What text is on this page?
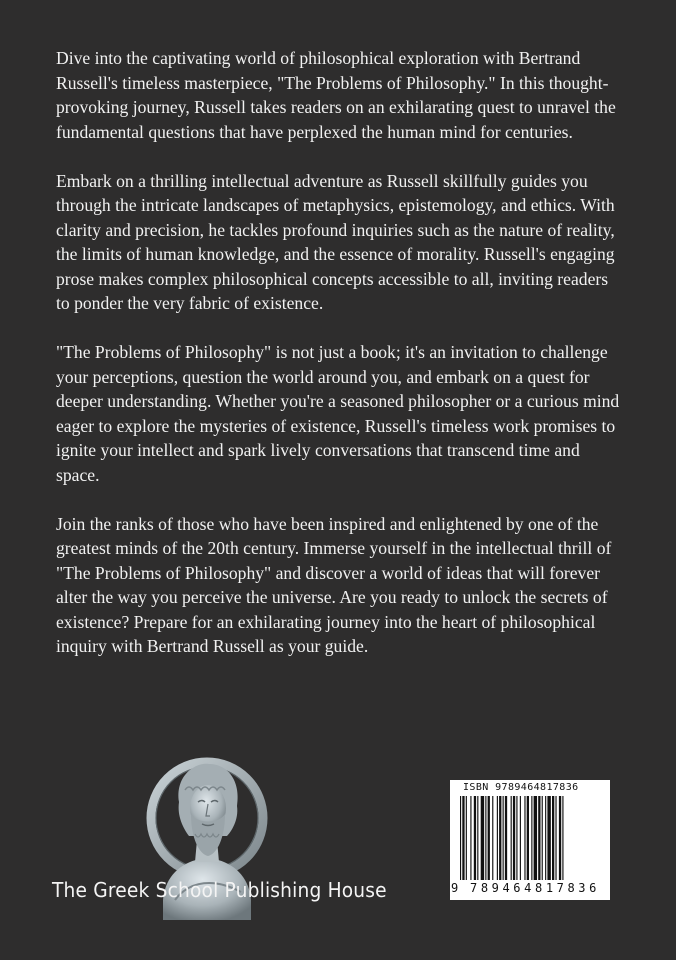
Dive into the captivating world of philosophical exploration with Bertrand Russell's timeless masterpiece, "The Problems of Philosophy." In this thought-provoking journey, Russell takes readers on an exhilarating quest to unravel the fundamental questions that have perplexed the human mind for centuries.

Embark on a thrilling intellectual adventure as Russell skillfully guides you through the intricate landscapes of metaphysics, epistemology, and ethics. With clarity and precision, he tackles profound inquiries such as the nature of reality, the limits of human knowledge, and the essence of morality. Russell's engaging prose makes complex philosophical concepts accessible to all, inviting readers to ponder the very fabric of existence.

"The Problems of Philosophy" is not just a book; it's an invitation to challenge your perceptions, question the world around you, and embark on a quest for deeper understanding. Whether you're a seasoned philosopher or a curious mind eager to explore the mysteries of existence, Russell's timeless work promises to ignite your intellect and spark lively conversations that transcend time and space.

Join the ranks of those who have been inspired and enlightened by one of the greatest minds of the 20th century. Immerse yourself in the intellectual thrill of "The Problems of Philosophy" and discover a world of ideas that will forever alter the way you perceive the universe. Are you ready to unlock the secrets of existence? Prepare for an exhilarating journey into the heart of philosophical inquiry with Bertrand Russell as your guide.

The Greek School Publishing House
ISBN 9789464817836
9 789464 817836
